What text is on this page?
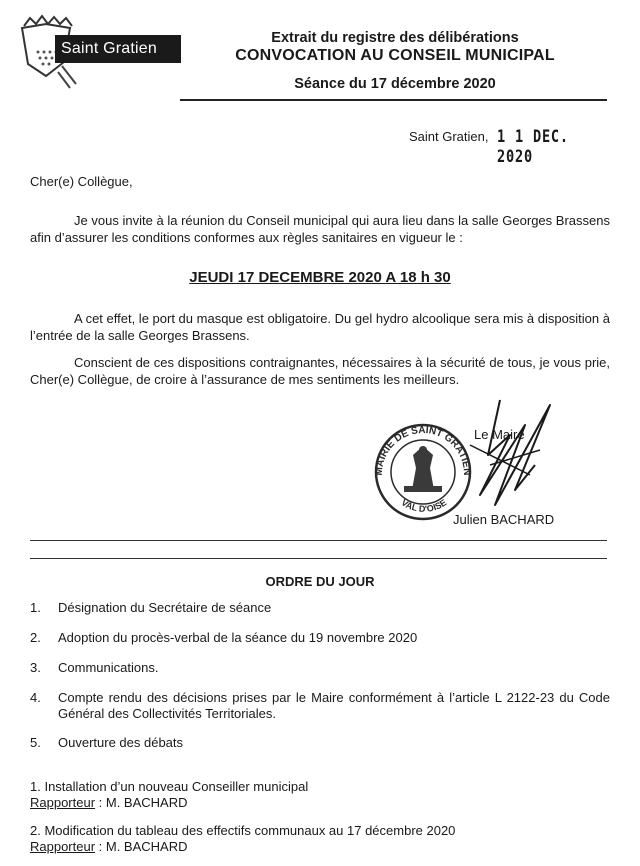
Saint Gratien
Extrait du registre des délibérations
CONVOCATION AU CONSEIL MUNICIPAL
Séance du 17 décembre 2020
Saint Gratien, 1 1 DEC. 2020
Cher(e) Collègue,
Je vous invite à la réunion du Conseil municipal qui aura lieu dans la salle Georges Brassens afin d’assurer les conditions conformes aux règles sanitaires en vigueur le :
JEUDI 17 DECEMBRE 2020 A 18 h 30
A cet effet, le port du masque est obligatoire. Du gel hydro alcoolique sera mis à disposition à l’entrée de la salle Georges Brassens.
Conscient de ces dispositions contraignantes, nécessaires à la sécurité de tous, je vous prie, Cher(e) Collègue, de croire à l’assurance de mes sentiments les meilleurs.
MAIRIE DE SAINT GRATIEN
VAL D'OISE
Le Maire
Julien BACHARD
ORDRE DU JOUR
1.	Désignation du Secrétaire de séance
2.	Adoption du procès-verbal de la séance du 19 novembre 2020
3.	Communications.
4.	Compte rendu des décisions prises par le Maire conformément à l’article L 2122-23 du Code Général des Collectivités Territoriales.
5.	Ouverture des débats
1. Installation d’un nouveau Conseiller municipal
Rapporteur : M. BACHARD
2. Modification du tableau des effectifs communaux au 17 décembre 2020
Rapporteur : M. BACHARD
